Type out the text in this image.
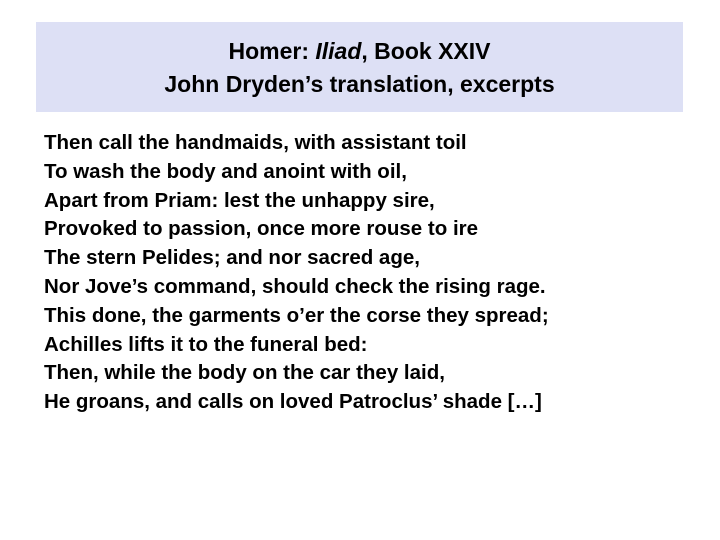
Homer: Iliad, Book XXIV
John Dryden’s translation, excerpts
Then call the handmaids, with assistant toil
To wash the body and anoint with oil,
Apart from Priam: lest the unhappy sire,
Provoked to passion, once more rouse to ire
The stern Pelides; and nor sacred age,
Nor Jove’s command, should check the rising rage.
This done, the garments o’er the corse they spread;
Achilles lifts it to the funeral bed:
Then, while the body on the car they laid,
He groans, and calls on loved Patroclus’ shade […]
